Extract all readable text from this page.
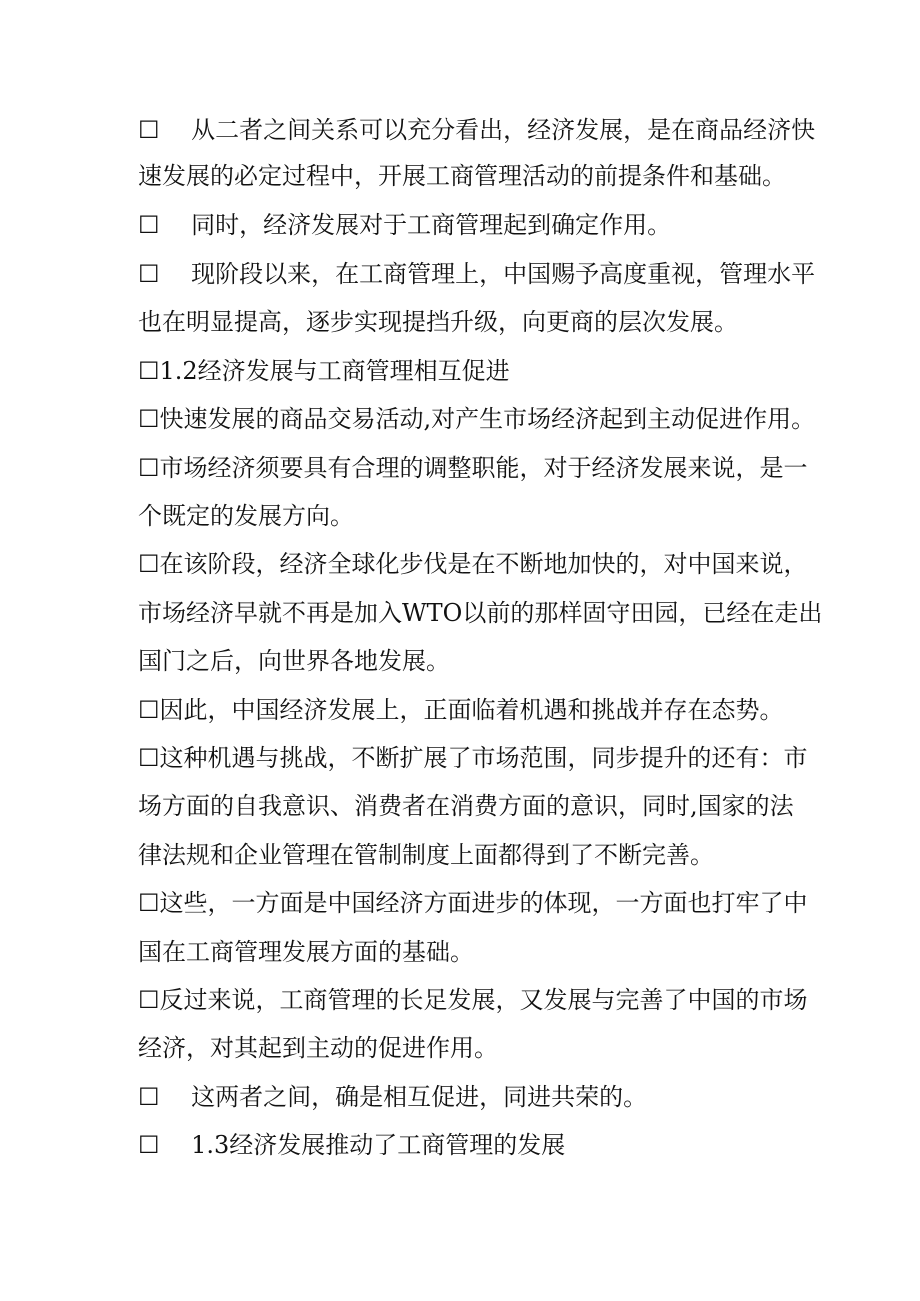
☐　 从二者之间关系可以充分看出，经济发展，是在商品经济快
速发展的必定过程中，开展工商管理活动的前提条件和基础。
☐　 同时，经济发展对于工商管理起到确定作用。
☐　 现阶段以来，在工商管理上，中国赐予高度重视，管理水平
也在明显提高，逐步实现提挡升级，向更商的层次发展。
☐1.2经济发展与工商管理相互促进
☐快速发展的商品交易活动,对产生市场经济起到主动促进作用。
☐市场经济须要具有合理的调整职能，对于经济发展来说，是一
个既定的发展方向。
☐在该阶段，经济全球化步伐是在不断地加快的，对中国来说，
市场经济早就不再是加入WTO以前的那样固守田园，已经在走出
国门之后，向世界各地发展。
☐因此，中国经济发展上，正面临着机遇和挑战并存在态势。
☐这种机遇与挑战，不断扩展了市场范围，同步提升的还有：市
场方面的自我意识、消费者在消费方面的意识，同时,国家的法
律法规和企业管理在管制制度上面都得到了不断完善。
☐这些，一方面是中国经济方面进步的体现，一方面也打牢了中
国在工商管理发展方面的基础。
☐反过来说，工商管理的长足发展，又发展与完善了中国的市场
经济，对其起到主动的促进作用。
☐　 这两者之间，确是相互促进，同进共荣的。
☐　 1.3经济发展推动了工商管理的发展
